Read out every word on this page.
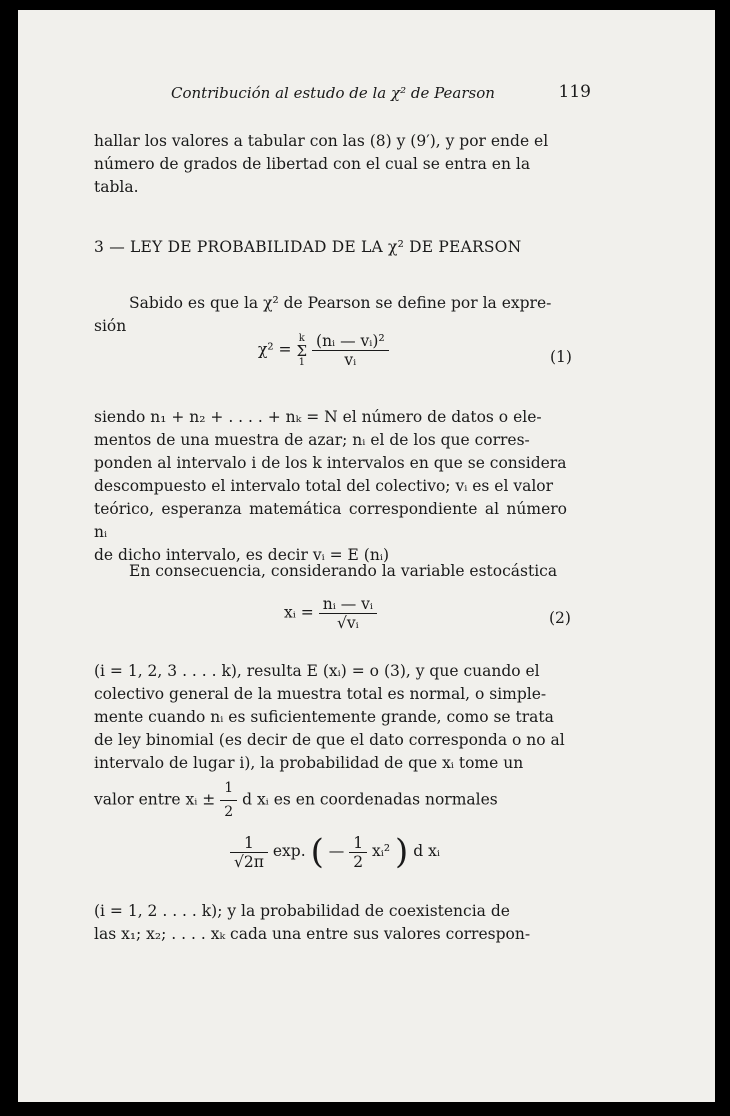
Contribución al estudo de la χ² de Pearson	119
hallar los valores a tabular con las (8) y (9′), y por ende el
número de grados de libertad con el cual se entra en la
tabla.
3 — LEY DE PROBABILIDAD DE LA χ² DE PEARSON
Sabido es que la χ² de Pearson se define por la expre-
sión
χ² =
k
Σ
1
$\frac{\text{(nᵢ — vᵢ)²}}{\text{vᵢ}}$	(1)
siendo n₁ + n₂ + . . . . + nₖ = N el número de datos o ele-
mentos de una muestra de azar; nᵢ el de los que corres-
ponden al intervalo i de los k intervalos en que se considera
descompuesto el intervalo total del colectivo; vᵢ es el valor
teórico, esperanza matemática correspondiente al número nᵢ
de dicho intervalo, es decir vᵢ = E (nᵢ)
En consecuencia, considerando la variable estocástica
xᵢ = $\frac{\text{nᵢ — vᵢ}}{\text{√vᵢ}}$	(2)
(i = 1, 2, 3 . . . . k), resulta E (xᵢ) = o (3), y que cuando el
colectivo general de la muestra total es normal, o simple-
mente cuando nᵢ es suficientemente grande, como se trata
de ley binomial (es decir de que el dato corresponda o no al
intervalo de lugar i), la probabilidad de que xᵢ tome un
valor entre xᵢ ± $\frac{1}{2}$ d xᵢ es en coordenadas normales
$\frac{1}{√2\pi} \exp$. ( — $\frac{1}{2}$ xᵢ² ) d xᵢ
(i = 1, 2 . . . . k); y la probabilidad de coexistencia de
las x₁; x₂; . . . . xₖ cada una entre sus valores correspon-
